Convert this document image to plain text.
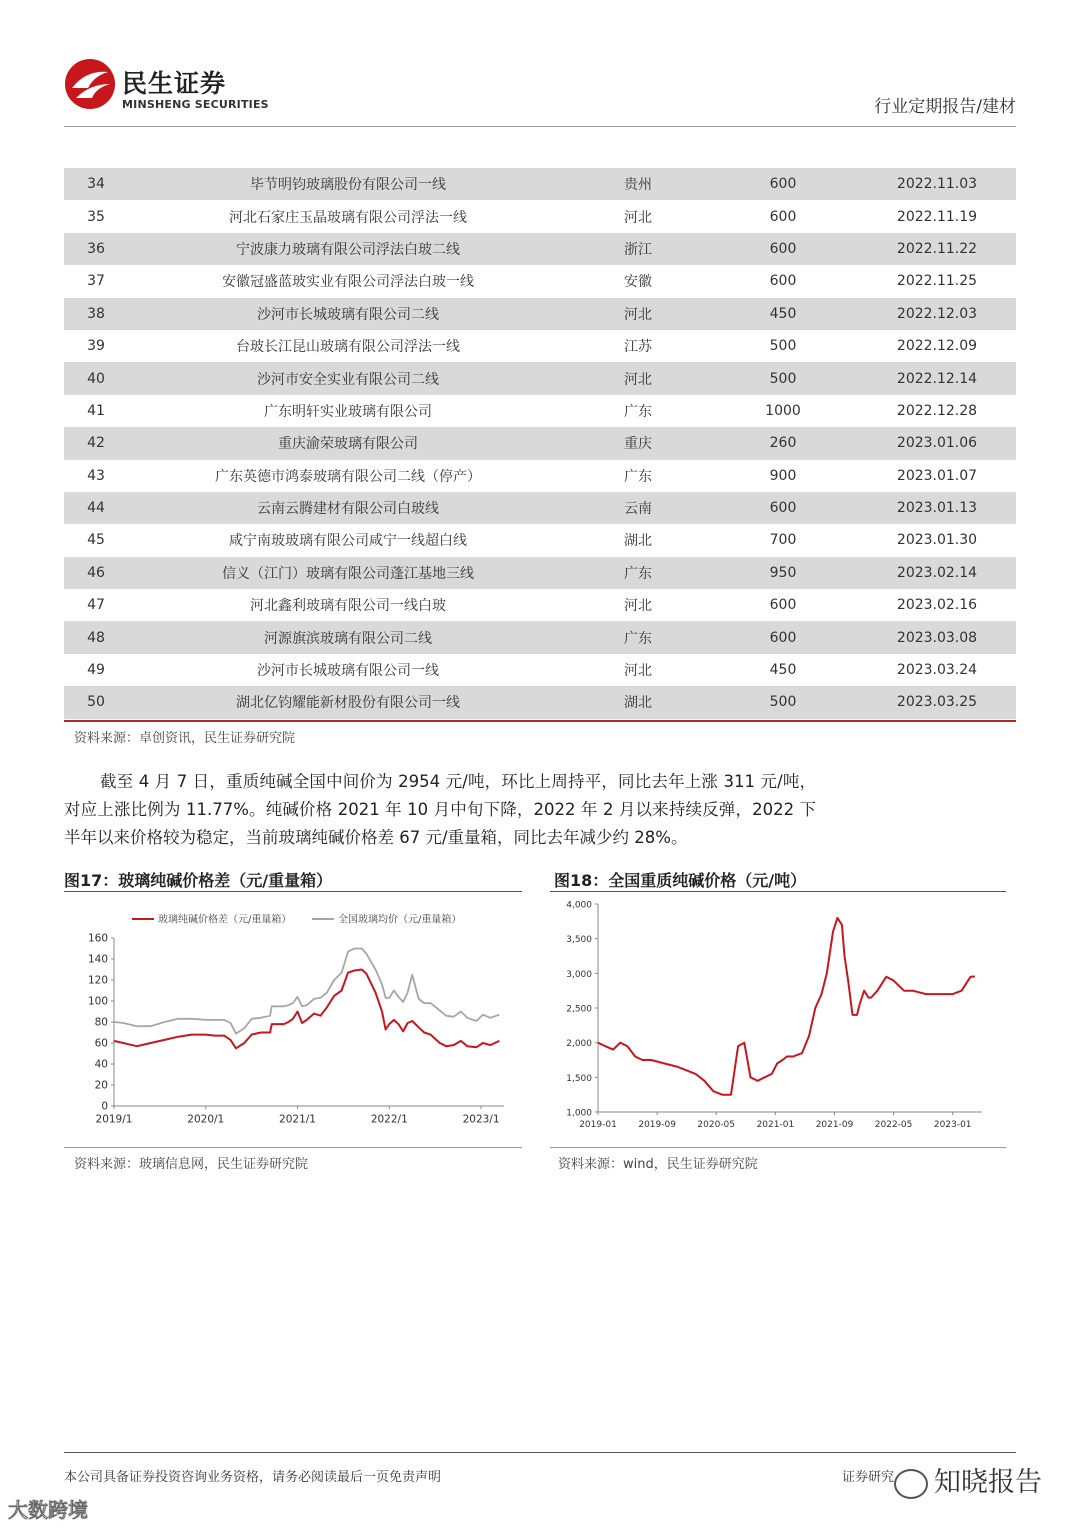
民生证券
MINSHENG SECURITIES	行业定期报告/建材
34	毕节明钧玻璃股份有限公司一线	贵州	600	2022.11.03
35	河北石家庄玉晶玻璃有限公司浮法一线	河北	600	2022.11.19
36	宁波康力玻璃有限公司浮法白玻二线	浙江	600	2022.11.22
37	安徽冠盛蓝玻实业有限公司浮法白玻一线	安徽	600	2022.11.25
38	沙河市长城玻璃有限公司二线	河北	450	2022.12.03
39	台玻长江昆山玻璃有限公司浮法一线	江苏	500	2022.12.09
40	沙河市安全实业有限公司二线	河北	500	2022.12.14
41	广东明轩实业玻璃有限公司	广东	1000	2022.12.28
42	重庆渝荣玻璃有限公司	重庆	260	2023.01.06
43	广东英德市鸿泰玻璃有限公司二线（停产）	广东	900	2023.01.07
44	云南云腾建材有限公司白玻线	云南	600	2023.01.13
45	咸宁南玻玻璃有限公司咸宁一线超白线	湖北	700	2023.01.30
46	信义（江门）玻璃有限公司蓬江基地三线	广东	950	2023.02.14
47	河北鑫利玻璃有限公司一线白玻	河北	600	2023.02.16
48	河源旗滨玻璃有限公司二线	广东	600	2023.03.08
49	沙河市长城玻璃有限公司一线	河北	450	2023.03.24
50	湖北亿钧耀能新材股份有限公司一线	湖北	500	2023.03.25
资料来源：卓创资讯，民生证券研究院
截至 4 月 7 日，重质纯碱全国中间价为 2954 元/吨，环比上周持平，同比去年上涨 311 元/吨，对应上涨比例为 11.77%。纯碱价格 2021 年 10 月中旬下降，2022 年 2 月以来持续反弹，2022 下半年以来价格较为稳定，当前玻璃纯碱价格差 67 元/重量箱，同比去年减少约 28%。
图17：玻璃纯碱价格差（元/重量箱）
0
20
40
60
80
100
120
140
160
2019/1	2020/1	2021/1	2022/1	2023/1
玻璃纯碱价格差（元/重量箱）	全国玻璃均价（元/重量箱）
资料来源：玻璃信息网，民生证券研究院
图18：全国重质纯碱价格（元/吨）
1,000
1,500
2,000
2,500
3,000
3,500
4,000
2019-01 2019-09 2020-05 2021-01 2021-09 2022-05 2023-01
资料来源：wind，民生证券研究院
本公司具备证券投资咨询业务资格，请务必阅读最后一页免责声明	证券研究	知晓报告
大数跨境
